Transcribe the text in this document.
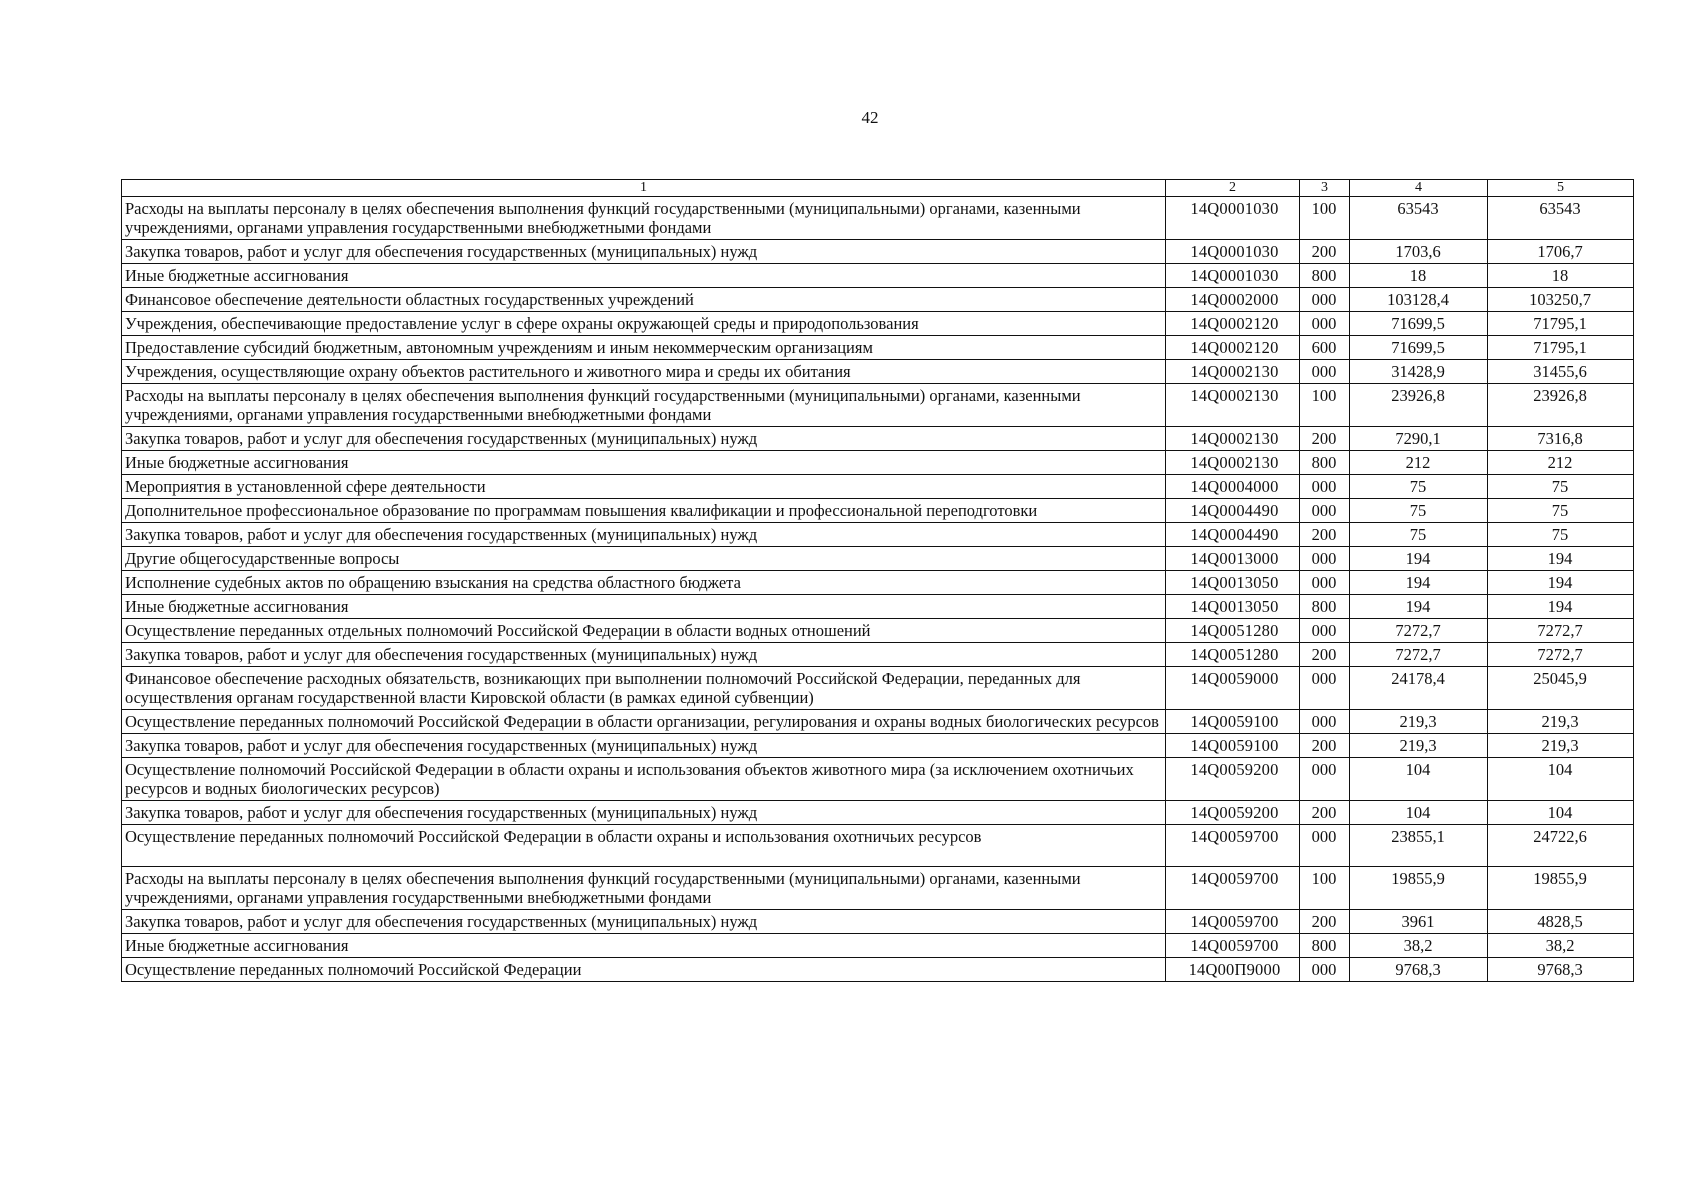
42
1	2	3	4	5
Расходы на выплаты персоналу в целях обеспечения выполнения функций государственными (муниципальными) органами, казенными учреждениями, органами управления государственными внебюджетными фондами	14Q0001030	100	63543	63543
Закупка товаров, работ и услуг для обеспечения государственных (муниципальных) нужд	14Q0001030	200	1703,6	1706,7
Иные бюджетные ассигнования	14Q0001030	800	18	18
Финансовое обеспечение деятельности областных государственных учреждений	14Q0002000	000	103128,4	103250,7
Учреждения, обеспечивающие предоставление услуг в сфере охраны окружающей среды и природопользования	14Q0002120	000	71699,5	71795,1
Предоставление субсидий бюджетным, автономным учреждениям и иным некоммерческим организациям	14Q0002120	600	71699,5	71795,1
Учреждения, осуществляющие охрану объектов растительного и животного мира и среды их обитания	14Q0002130	000	31428,9	31455,6
Расходы на выплаты персоналу в целях обеспечения выполнения функций государственными (муниципальными) органами, казенными учреждениями, органами управления государственными внебюджетными фондами	14Q0002130	100	23926,8	23926,8
Закупка товаров, работ и услуг для обеспечения государственных (муниципальных) нужд	14Q0002130	200	7290,1	7316,8
Иные бюджетные ассигнования	14Q0002130	800	212	212
Мероприятия в установленной сфере деятельности	14Q0004000	000	75	75
Дополнительное профессиональное образование по программам повышения квалификации и профессиональной переподготовки	14Q0004490	000	75	75
Закупка товаров, работ и услуг для обеспечения государственных (муниципальных) нужд	14Q0004490	200	75	75
Другие общегосударственные вопросы	14Q0013000	000	194	194
Исполнение судебных актов по обращению взыскания на средства областного бюджета	14Q0013050	000	194	194
Иные бюджетные ассигнования	14Q0013050	800	194	194
Осуществление переданных отдельных полномочий Российской Федерации в области водных отношений	14Q0051280	000	7272,7	7272,7
Закупка товаров, работ и услуг для обеспечения государственных (муниципальных) нужд	14Q0051280	200	7272,7	7272,7
Финансовое обеспечение расходных обязательств, возникающих при выполнении полномочий Российской Федерации, переданных для осуществления органам государственной власти Кировской области (в рамках единой субвенции)	14Q0059000	000	24178,4	25045,9
Осуществление переданных полномочий Российской Федерации в области организации, регулирования и охраны водных биологических ресурсов	14Q0059100	000	219,3	219,3
Закупка товаров, работ и услуг для обеспечения государственных (муниципальных) нужд	14Q0059100	200	219,3	219,3
Осуществление полномочий Российской Федерации в области охраны и использования объектов животного мира (за исключением охотничьих ресурсов и водных биологических ресурсов)	14Q0059200	000	104	104
Закупка товаров, работ и услуг для обеспечения государственных (муниципальных) нужд	14Q0059200	200	104	104
Осуществление переданных полномочий Российской Федерации в области охраны и использования охотничьих ресурсов	14Q0059700	000	23855,1	24722,6
Расходы на выплаты персоналу в целях обеспечения выполнения функций государственными (муниципальными) органами, казенными учреждениями, органами управления государственными внебюджетными фондами	14Q0059700	100	19855,9	19855,9
Закупка товаров, работ и услуг для обеспечения государственных (муниципальных) нужд	14Q0059700	200	3961	4828,5
Иные бюджетные ассигнования	14Q0059700	800	38,2	38,2
Осуществление переданных полномочий Российской Федерации	14Q00П9000	000	9768,3	9768,3
